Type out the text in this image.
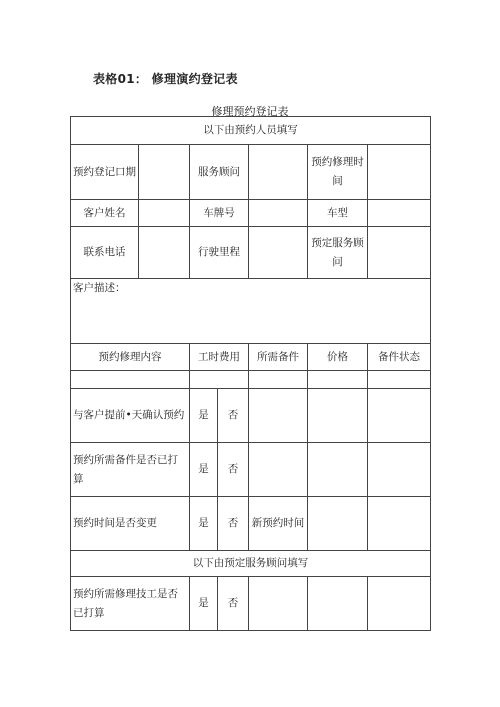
表格01： 修理演约登记表
修理预约登记表
以下由预约人员填写						
预约登记口期		服务顾问			预约修理时间	
客户姓名		车牌号			车型	
联系电话		行驶里程			预定服务顾问	
客户描述：						
预约修理内容		工时费用		所需备件	价格	备件状态

与客户提前•天确认预约		是	否			
预约所需备件是否已打算		是	否			
预约时间是否变更		是	否	新预约时间		
以下由预定服务顾问填写						
预约所需修理技工是否已打算		是	否			
